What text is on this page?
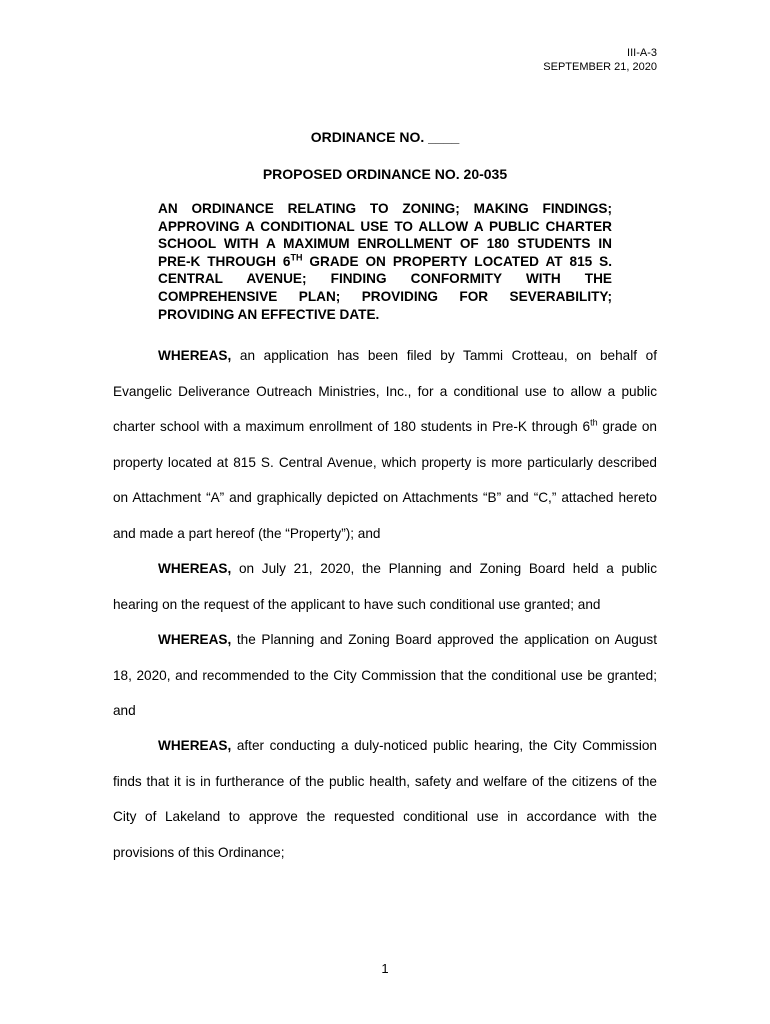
III-A-3
SEPTEMBER 21, 2020
ORDINANCE NO. ____
PROPOSED ORDINANCE NO. 20-035

AN ORDINANCE RELATING TO ZONING; MAKING FINDINGS; APPROVING A CONDITIONAL USE TO ALLOW A PUBLIC CHARTER SCHOOL WITH A MAXIMUM ENROLLMENT OF 180 STUDENTS IN PRE-K THROUGH 6TH GRADE ON PROPERTY LOCATED AT 815 S. CENTRAL AVENUE; FINDING CONFORMITY WITH THE COMPREHENSIVE PLAN; PROVIDING FOR SEVERABILITY; PROVIDING AN EFFECTIVE DATE.

WHEREAS, an application has been filed by Tammi Crotteau, on behalf of Evangelic Deliverance Outreach Ministries, Inc., for a conditional use to allow a public charter school with a maximum enrollment of 180 students in Pre-K through 6th grade on property located at 815 S. Central Avenue, which property is more particularly described on Attachment “A” and graphically depicted on Attachments “B” and “C,” attached hereto and made a part hereof (the “Property”); and

WHEREAS, on July 21, 2020, the Planning and Zoning Board held a public hearing on the request of the applicant to have such conditional use granted; and

WHEREAS, the Planning and Zoning Board approved the application on August 18, 2020, and recommended to the City Commission that the conditional use be granted; and

WHEREAS, after conducting a duly-noticed public hearing, the City Commission finds that it is in furtherance of the public health, safety and welfare of the citizens of the City of Lakeland to approve the requested conditional use in accordance with the provisions of this Ordinance;

1
